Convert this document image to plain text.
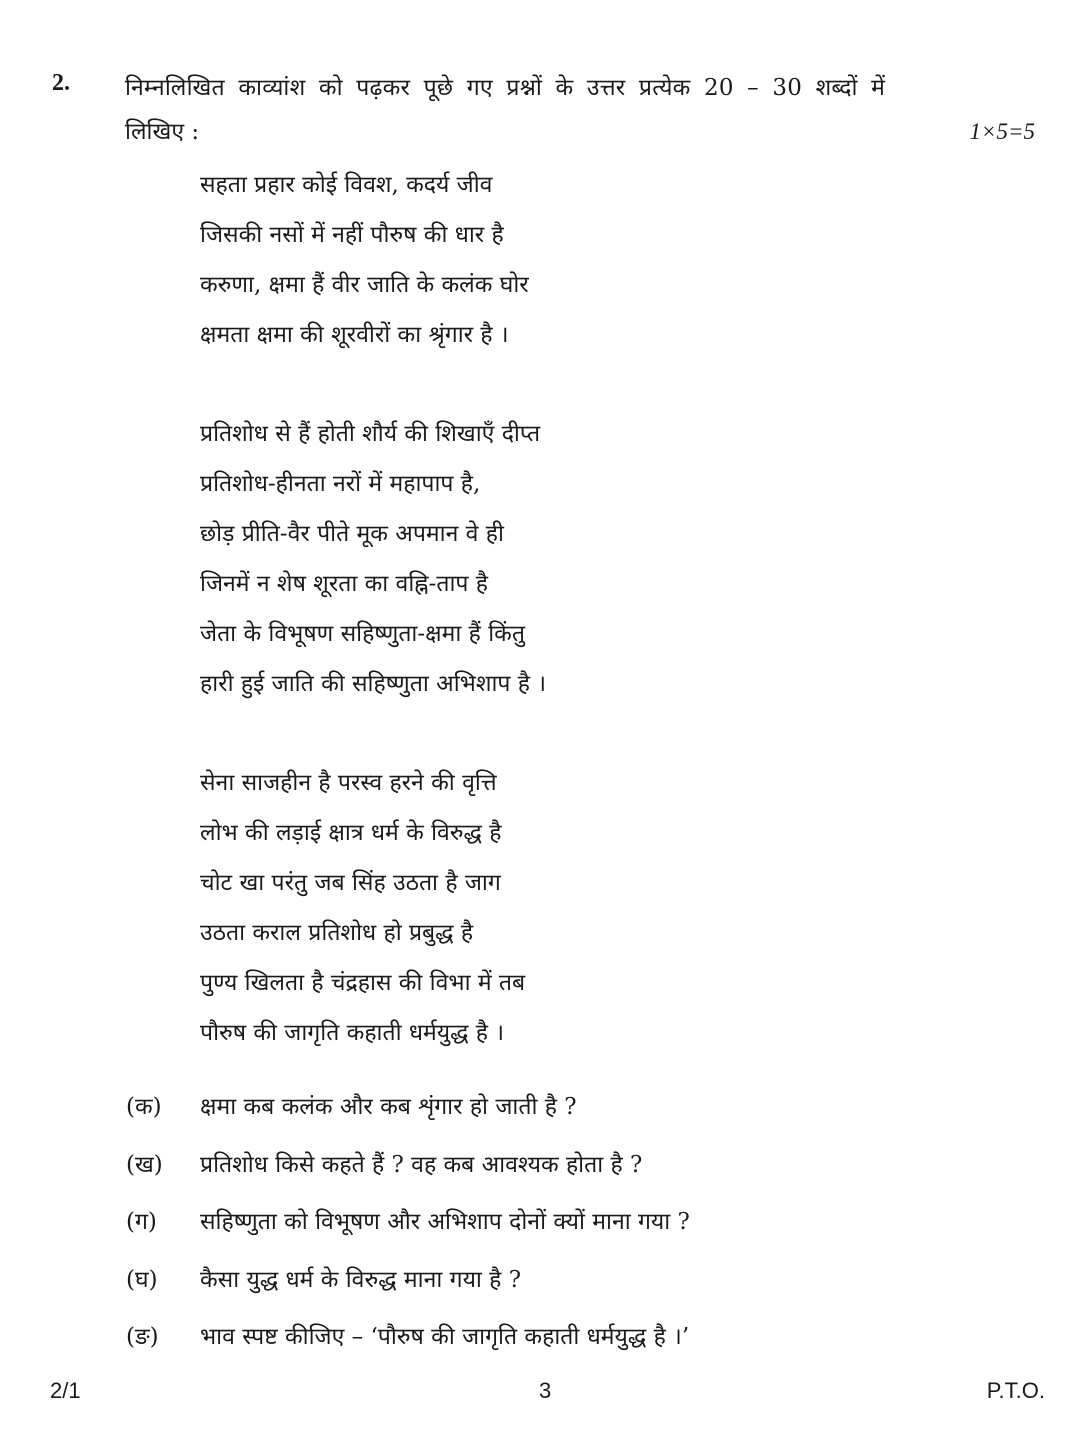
2. निम्नलिखित काव्यांश को पढ़कर पूछे गए प्रश्नों के उत्तर प्रत्येक 20 – 30 शब्दों में
लिखिए :	1×5=5
सहता प्रहार कोई विवश, कदर्य जीव
जिसकी नसों में नहीं पौरुष की धार है
करुणा, क्षमा हैं वीर जाति के कलंक घोर
क्षमता क्षमा की शूरवीरों का श्रृंगार है ।
प्रतिशोध से हैं होती शौर्य की शिखाएँ दीप्त
प्रतिशोध-हीनता नरों में महापाप है,
छोड़ प्रीति-वैर पीते मूक अपमान वे ही
जिनमें न शेष शूरता का वह्नि-ताप है
जेता के विभूषण सहिष्णुता-क्षमा हैं किंतु
हारी हुई जाति की सहिष्णुता अभिशाप है ।
सेना साजहीन है परस्व हरने की वृत्ति
लोभ की लड़ाई क्षात्र धर्म के विरुद्ध है
चोट खा परंतु जब सिंह उठता है जाग
उठता कराल प्रतिशोध हो प्रबुद्ध है
पुण्य खिलता है चंद्रहास की विभा में तब
पौरुष की जागृति कहाती धर्मयुद्ध है ।
(क) क्षमा कब कलंक और कब शृंगार हो जाती है ?
(ख) प्रतिशोध किसे कहते हैं ? वह कब आवश्यक होता है ?
(ग) सहिष्णुता को विभूषण और अभिशाप दोनों क्यों माना गया ?
(घ) कैसा युद्ध धर्म के विरुद्ध माना गया है ?
(ङ) भाव स्पष्ट कीजिए – ‘पौरुष की जागृति कहाती धर्मयुद्ध है ।’
2/1	3	P.T.O.
